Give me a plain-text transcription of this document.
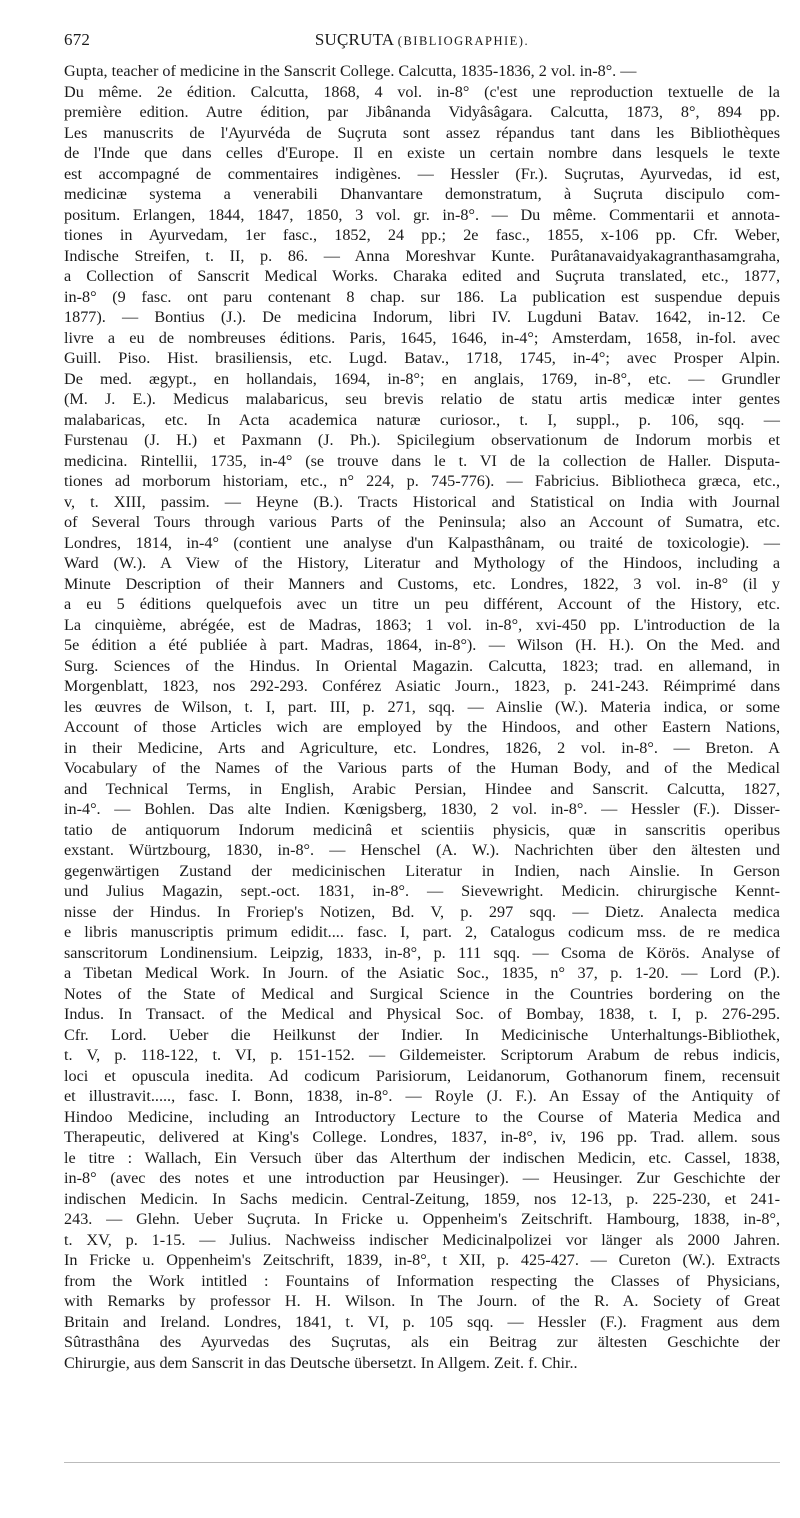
672	SUÇRUTA (BIBLIOGRAPHIE).
Gupta, teacher of medicine in the Sanscrit College. Calcutta, 1835-1836, 2 vol. in-8°. —
Du même. 2e édition. Calcutta, 1868, 4 vol. in-8° (c'est une reproduction textuelle de la
première edition. Autre édition, par Jibânanda Vidyâsâgara. Calcutta, 1873, 8°, 894 pp.
Les manuscrits de l'Ayurvéda de Suçruta sont assez répandus tant dans les Bibliothèques
de l'Inde que dans celles d'Europe. Il en existe un certain nombre dans lesquels le texte
est accompagné de commentaires indigènes. — Hessler (Fr.). Suçrutas, Ayurvedas, id est,
medicinæ systema a venerabili Dhanvantare demonstratum, à Suçruta discipulo com-
positum. Erlangen, 1844, 1847, 1850, 3 vol. gr. in-8°. — Du même. Commentarii et annota-
tiones in Ayurvedam, 1er fasc., 1852, 24 pp.; 2e fasc., 1855, x-106 pp. Cfr. Weber,
Indische Streifen, t. II, p. 86. — Anna Moreshvar Kunte. Purâtanavaidyakagranthasamgraha,
a Collection of Sanscrit Medical Works. Charaka edited and Suçruta translated, etc., 1877,
in-8° (9 fasc. ont paru contenant 8 chap. sur 186. La publication est suspendue depuis
1877). — Bontius (J.). De medicina Indorum, libri IV. Lugduni Batav. 1642, in-12. Ce
livre a eu de nombreuses éditions. Paris, 1645, 1646, in-4°; Amsterdam, 1658, in-fol. avec
Guill. Piso. Hist. brasiliensis, etc. Lugd. Batav., 1718, 1745, in-4°; avec Prosper Alpin.
De med. ægypt., en hollandais, 1694, in-8°; en anglais, 1769, in-8°, etc. — Grundler
(M. J. E.). Medicus malabaricus, seu brevis relatio de statu artis medicæ inter gentes
malabaricas, etc. In Acta academica naturæ curiosor., t. I, suppl., p. 106, sqq. —
Furstenau (J. H.) et Paxmann (J. Ph.). Spicilegium observationum de Indorum morbis et
medicina. Rintellii, 1735, in-4° (se trouve dans le t. VI de la collection de Haller. Disputa-
tiones ad morborum historiam, etc., n° 224, p. 745-776). — Fabricius. Bibliotheca græca, etc.,
v, t. XIII, passim. — Heyne (B.). Tracts Historical and Statistical on India with Journal
of Several Tours through various Parts of the Peninsula; also an Account of Sumatra, etc.
Londres, 1814, in-4° (contient une analyse d'un Kalpasthânam, ou traité de toxicologie). —
Ward (W.). A View of the History, Literatur and Mythology of the Hindoos, including a
Minute Description of their Manners and Customs, etc. Londres, 1822, 3 vol. in-8° (il y
a eu 5 éditions quelquefois avec un titre un peu différent, Account of the History, etc.
La cinquième, abrégée, est de Madras, 1863; 1 vol. in-8°, xvi-450 pp. L'introduction de la
5e édition a été publiée à part. Madras, 1864, in-8°). — Wilson (H. H.). On the Med. and
Surg. Sciences of the Hindus. In Oriental Magazin. Calcutta, 1823; trad. en allemand, in
Morgenblatt, 1823, nos 292-293. Conférez Asiatic Journ., 1823, p. 241-243. Réimprimé dans
les œuvres de Wilson, t. I, part. III, p. 271, sqq. — Ainslie (W.). Materia indica, or some
Account of those Articles wich are employed by the Hindoos, and other Eastern Nations,
in their Medicine, Arts and Agriculture, etc. Londres, 1826, 2 vol. in-8°. — Breton. A
Vocabulary of the Names of the Various parts of the Human Body, and of the Medical
and Technical Terms, in English, Arabic Persian, Hindee and Sanscrit. Calcutta, 1827,
in-4°. — Bohlen. Das alte Indien. Kœnigsberg, 1830, 2 vol. in-8°. — Hessler (F.). Disser-
tatio de antiquorum Indorum medicinâ et scientiis physicis, quæ in sanscritis operibus
exstant. Würtzbourg, 1830, in-8°. — Henschel (A. W.). Nachrichten über den ältesten und
gegenwärtigen Zustand der medicinischen Literatur in Indien, nach Ainslie. In Gerson
und Julius Magazin, sept.-oct. 1831, in-8°. — Sievewright. Medicin. chirurgische Kennt-
nisse der Hindus. In Froriep's Notizen, Bd. V, p. 297 sqq. — Dietz. Analecta medica
e libris manuscriptis primum edidit.... fasc. I, part. 2, Catalogus codicum mss. de re medica
sanscritorum Londinensium. Leipzig, 1833, in-8°, p. 111 sqq. — Csoma de Körös. Analyse of
a Tibetan Medical Work. In Journ. of the Asiatic Soc., 1835, n° 37, p. 1-20. — Lord (P.).
Notes of the State of Medical and Surgical Science in the Countries bordering on the
Indus. In Transact. of the Medical and Physical Soc. of Bombay, 1838, t. I, p. 276-295.
Cfr. Lord. Ueber die Heilkunst der Indier. In Medicinische Unterhaltungs-Bibliothek,
t. V, p. 118-122, t. VI, p. 151-152. — Gildemeister. Scriptorum Arabum de rebus indicis,
loci et opuscula inedita. Ad codicum Parisiorum, Leidanorum, Gothanorum finem, recensuit
et illustravit....., fasc. I. Bonn, 1838, in-8°. — Royle (J. F.). An Essay of the Antiquity of
Hindoo Medicine, including an Introductory Lecture to the Course of Materia Medica and
Therapeutic, delivered at King's College. Londres, 1837, in-8°, iv, 196 pp. Trad. allem. sous
le titre : Wallach, Ein Versuch über das Alterthum der indischen Medicin, etc. Cassel, 1838,
in-8° (avec des notes et une introduction par Heusinger). — Heusinger. Zur Geschichte der
indischen Medicin. In Sachs medicin. Central-Zeitung, 1859, nos 12-13, p. 225-230, et 241-
243. — Glehn. Ueber Suçruta. In Fricke u. Oppenheim's Zeitschrift. Hambourg, 1838, in-8°,
t. XV, p. 1-15. — Julius. Nachweiss indischer Medicinalpolizei vor länger als 2000 Jahren.
In Fricke u. Oppenheim's Zeitschrift, 1839, in-8°, t XII, p. 425-427. — Cureton (W.). Extracts
from the Work intitled : Fountains of Information respecting the Classes of Physicians,
with Remarks by professor H. H. Wilson. In The Journ. of the R. A. Society of Great
Britain and Ireland. Londres, 1841, t. VI, p. 105 sqq. — Hessler (F.). Fragment aus dem
Sûtrasthâna des Ayurvedas des Suçrutas, als ein Beitrag zur ältesten Geschichte der
Chirurgie, aus dem Sanscrit in das Deutsche übersetzt. In Allgem. Zeit. f. Chir..
